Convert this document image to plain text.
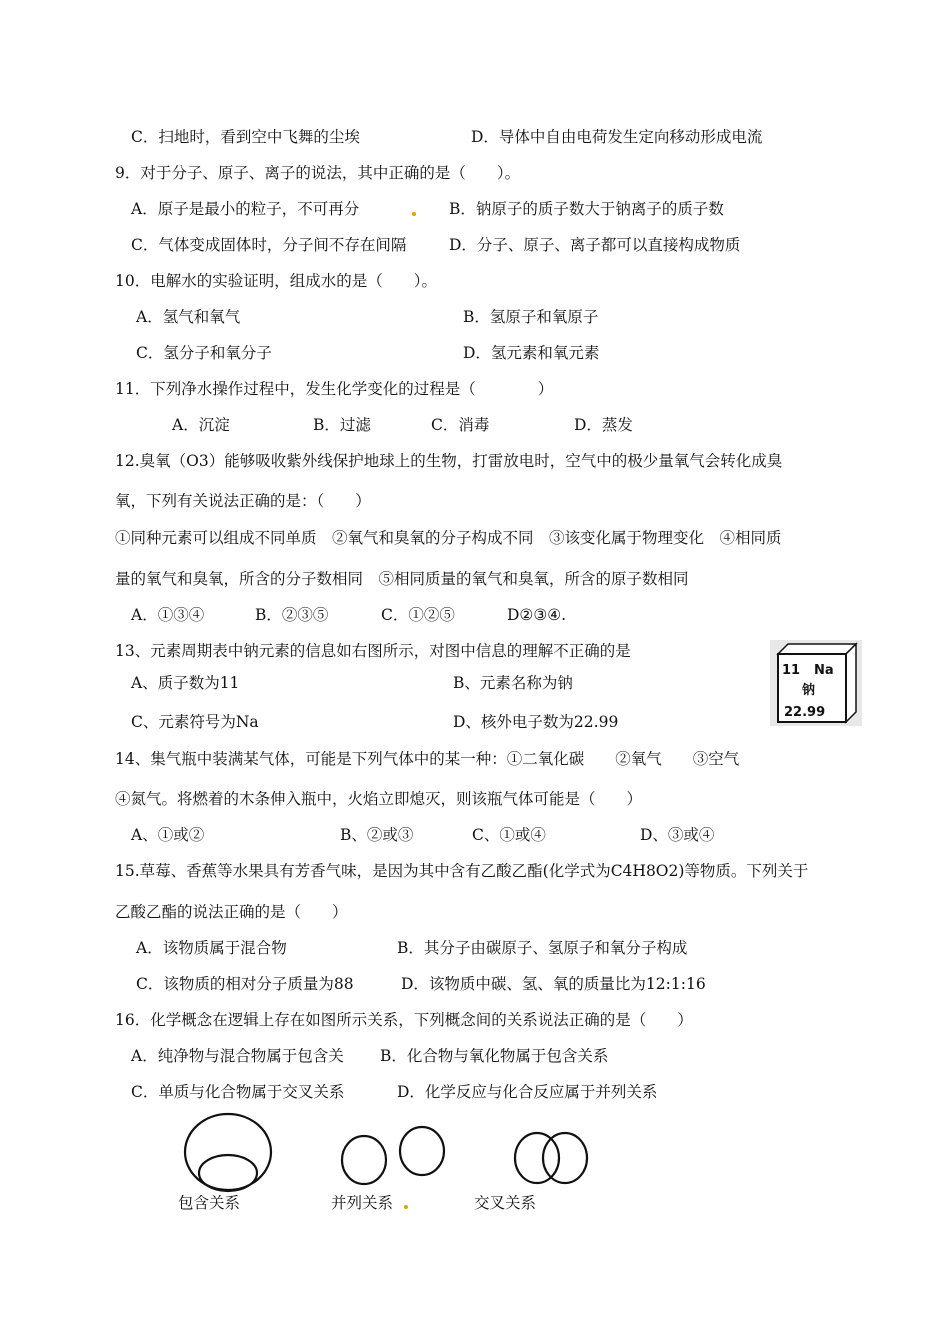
C．扫地时，看到空中飞舞的尘埃	D．导体中自由电荷发生定向移动形成电流
9．对于分子、原子、离子的说法，其中正确的是（　　）。
A．原子是最小的粒子，不可再分	B．钠原子的质子数大于钠离子的质子数
C．气体变成固体时，分子间不存在间隔	D．分子、原子、离子都可以直接构成物质
10．电解水的实验证明，组成水的是（　　）。
A．氢气和氧气	B．氢原子和氧原子
C．氢分子和氧分子	D．氢元素和氧元素
11．下列净水操作过程中，发生化学变化的过程是（　　　　）
A．沉淀	B．过滤	C．消毒	D．蒸发
12.臭氧（O3）能够吸收紫外线保护地球上的生物，打雷放电时，空气中的极少量氧气会转化成臭
氧，下列有关说法正确的是：（　　）
①同种元素可以组成不同单质　②氧气和臭氧的分子构成不同　③该变化属于物理变化　④相同质
量的氧气和臭氧，所含的分子数相同　⑤相同质量的氧气和臭氧，所含的原子数相同
A．①③④	B．②③⑤	C．①②⑤	D②③④.
13、元素周期表中钠元素的信息如右图所示，对图中信息的理解不正确的是
A、质子数为11	B、元素名称为钠
C、元素符号为Na	D、核外电子数为22.99
11 Na
钠
22.99
14、集气瓶中装满某气体，可能是下列气体中的某一种：①二氧化碳　　②氧气　　③空气
④氮气。将燃着的木条伸入瓶中，火焰立即熄灭，则该瓶气体可能是（　　）
A、①或②	B、②或③	C、①或④	D、③或④
15.草莓、香蕉等水果具有芳香气味，是因为其中含有乙酸乙酯(化学式为C4H8O2)等物质。下列关于
乙酸乙酯的说法正确的是（　　）
A．该物质属于混合物	B．其分子由碳原子、氢原子和氧分子构成
C．该物质的相对分子质量为88	D．该物质中碳、氢、氧的质量比为12:1:16
16．化学概念在逻辑上存在如图所示关系，下列概念间的关系说法正确的是（　　）
A．纯净物与混合物属于包含关 B．化合物与氧化物属于包含关系
C．单质与化合物属于交叉关系	D．化学反应与化合反应属于并列关系
包含关系	并列关系	交叉关系
